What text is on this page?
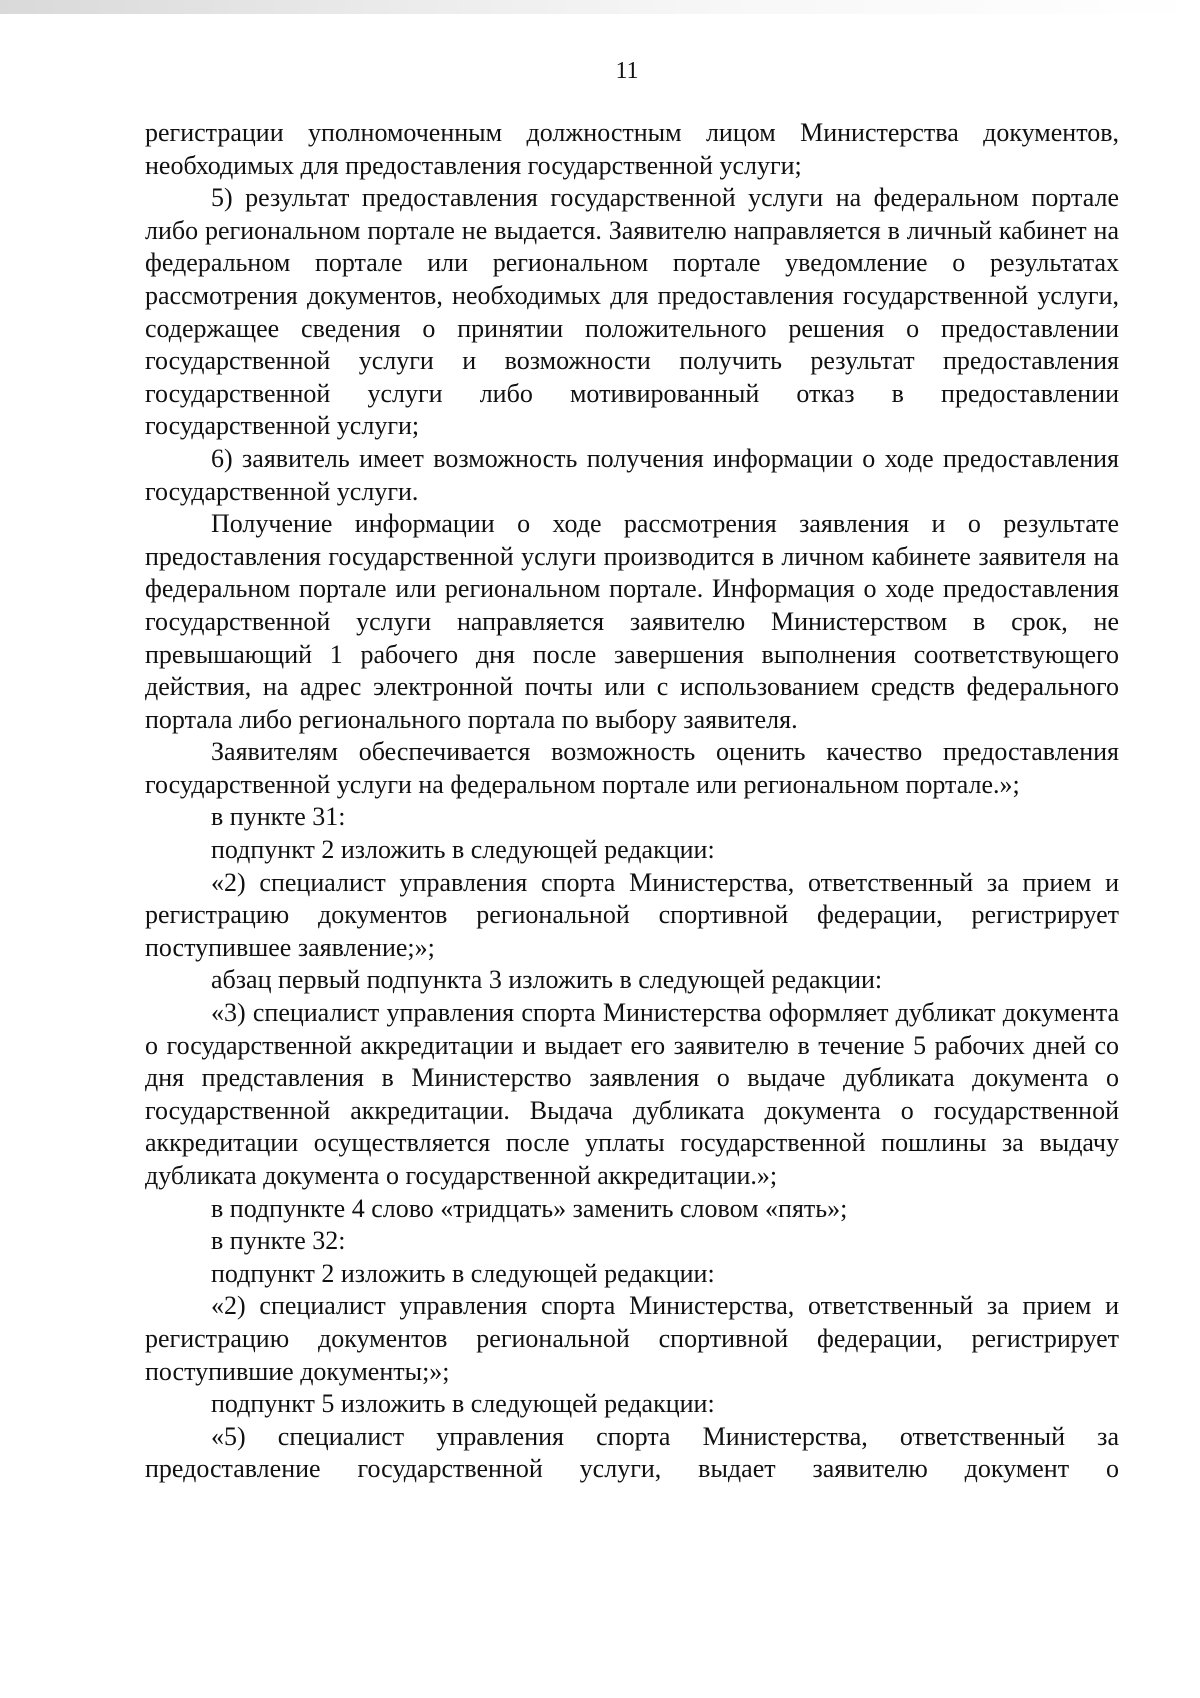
11

регистрации уполномоченным должностным лицом Министерства документов, необходимых для предоставления государственной услуги;

5) результат предоставления государственной услуги на федеральном портале либо региональном портале не выдается. Заявителю направляется в личный кабинет на федеральном портале или региональном портале уведомление о результатах рассмотрения документов, необходимых для предоставления государственной услуги, содержащее сведения о принятии положительного решения о предоставлении государственной услуги и возможности получить результат предоставления государственной услуги либо мотивированный отказ в предоставлении государственной услуги;

6) заявитель имеет возможность получения информации о ходе предоставления государственной услуги.

Получение информации о ходе рассмотрения заявления и о результате предоставления государственной услуги производится в личном кабинете заявителя на федеральном портале или региональном портале. Информация о ходе предоставления государственной услуги направляется заявителю Министерством в срок, не превышающий 1 рабочего дня после завершения выполнения соответствующего действия, на адрес электронной почты или с использованием средств федерального портала либо регионального портала по выбору заявителя.

Заявителям обеспечивается возможность оценить качество предоставления государственной услуги на федеральном портале или региональном портале.»;

в пункте 31:

подпункт 2 изложить в следующей редакции:

«2) специалист управления спорта Министерства, ответственный за прием и регистрацию документов региональной спортивной федерации, регистрирует поступившее заявление;»;

абзац первый подпункта 3 изложить в следующей редакции:

«3) специалист управления спорта Министерства оформляет дубликат документа о государственной аккредитации и выдает его заявителю в течение 5 рабочих дней со дня представления в Министерство заявления о выдаче дубликата документа о государственной аккредитации. Выдача дубликата документа о государственной аккредитации осуществляется после уплаты государственной пошлины за выдачу дубликата документа о государственной аккредитации.»;

в подпункте 4 слово «тридцать» заменить словом «пять»;

в пункте 32:

подпункт 2 изложить в следующей редакции:

«2) специалист управления спорта Министерства, ответственный за прием и регистрацию документов региональной спортивной федерации, регистрирует поступившие документы;»;

подпункт 5 изложить в следующей редакции:

«5) специалист управления спорта Министерства, ответственный за предоставление государственной услуги, выдает заявителю документ о
